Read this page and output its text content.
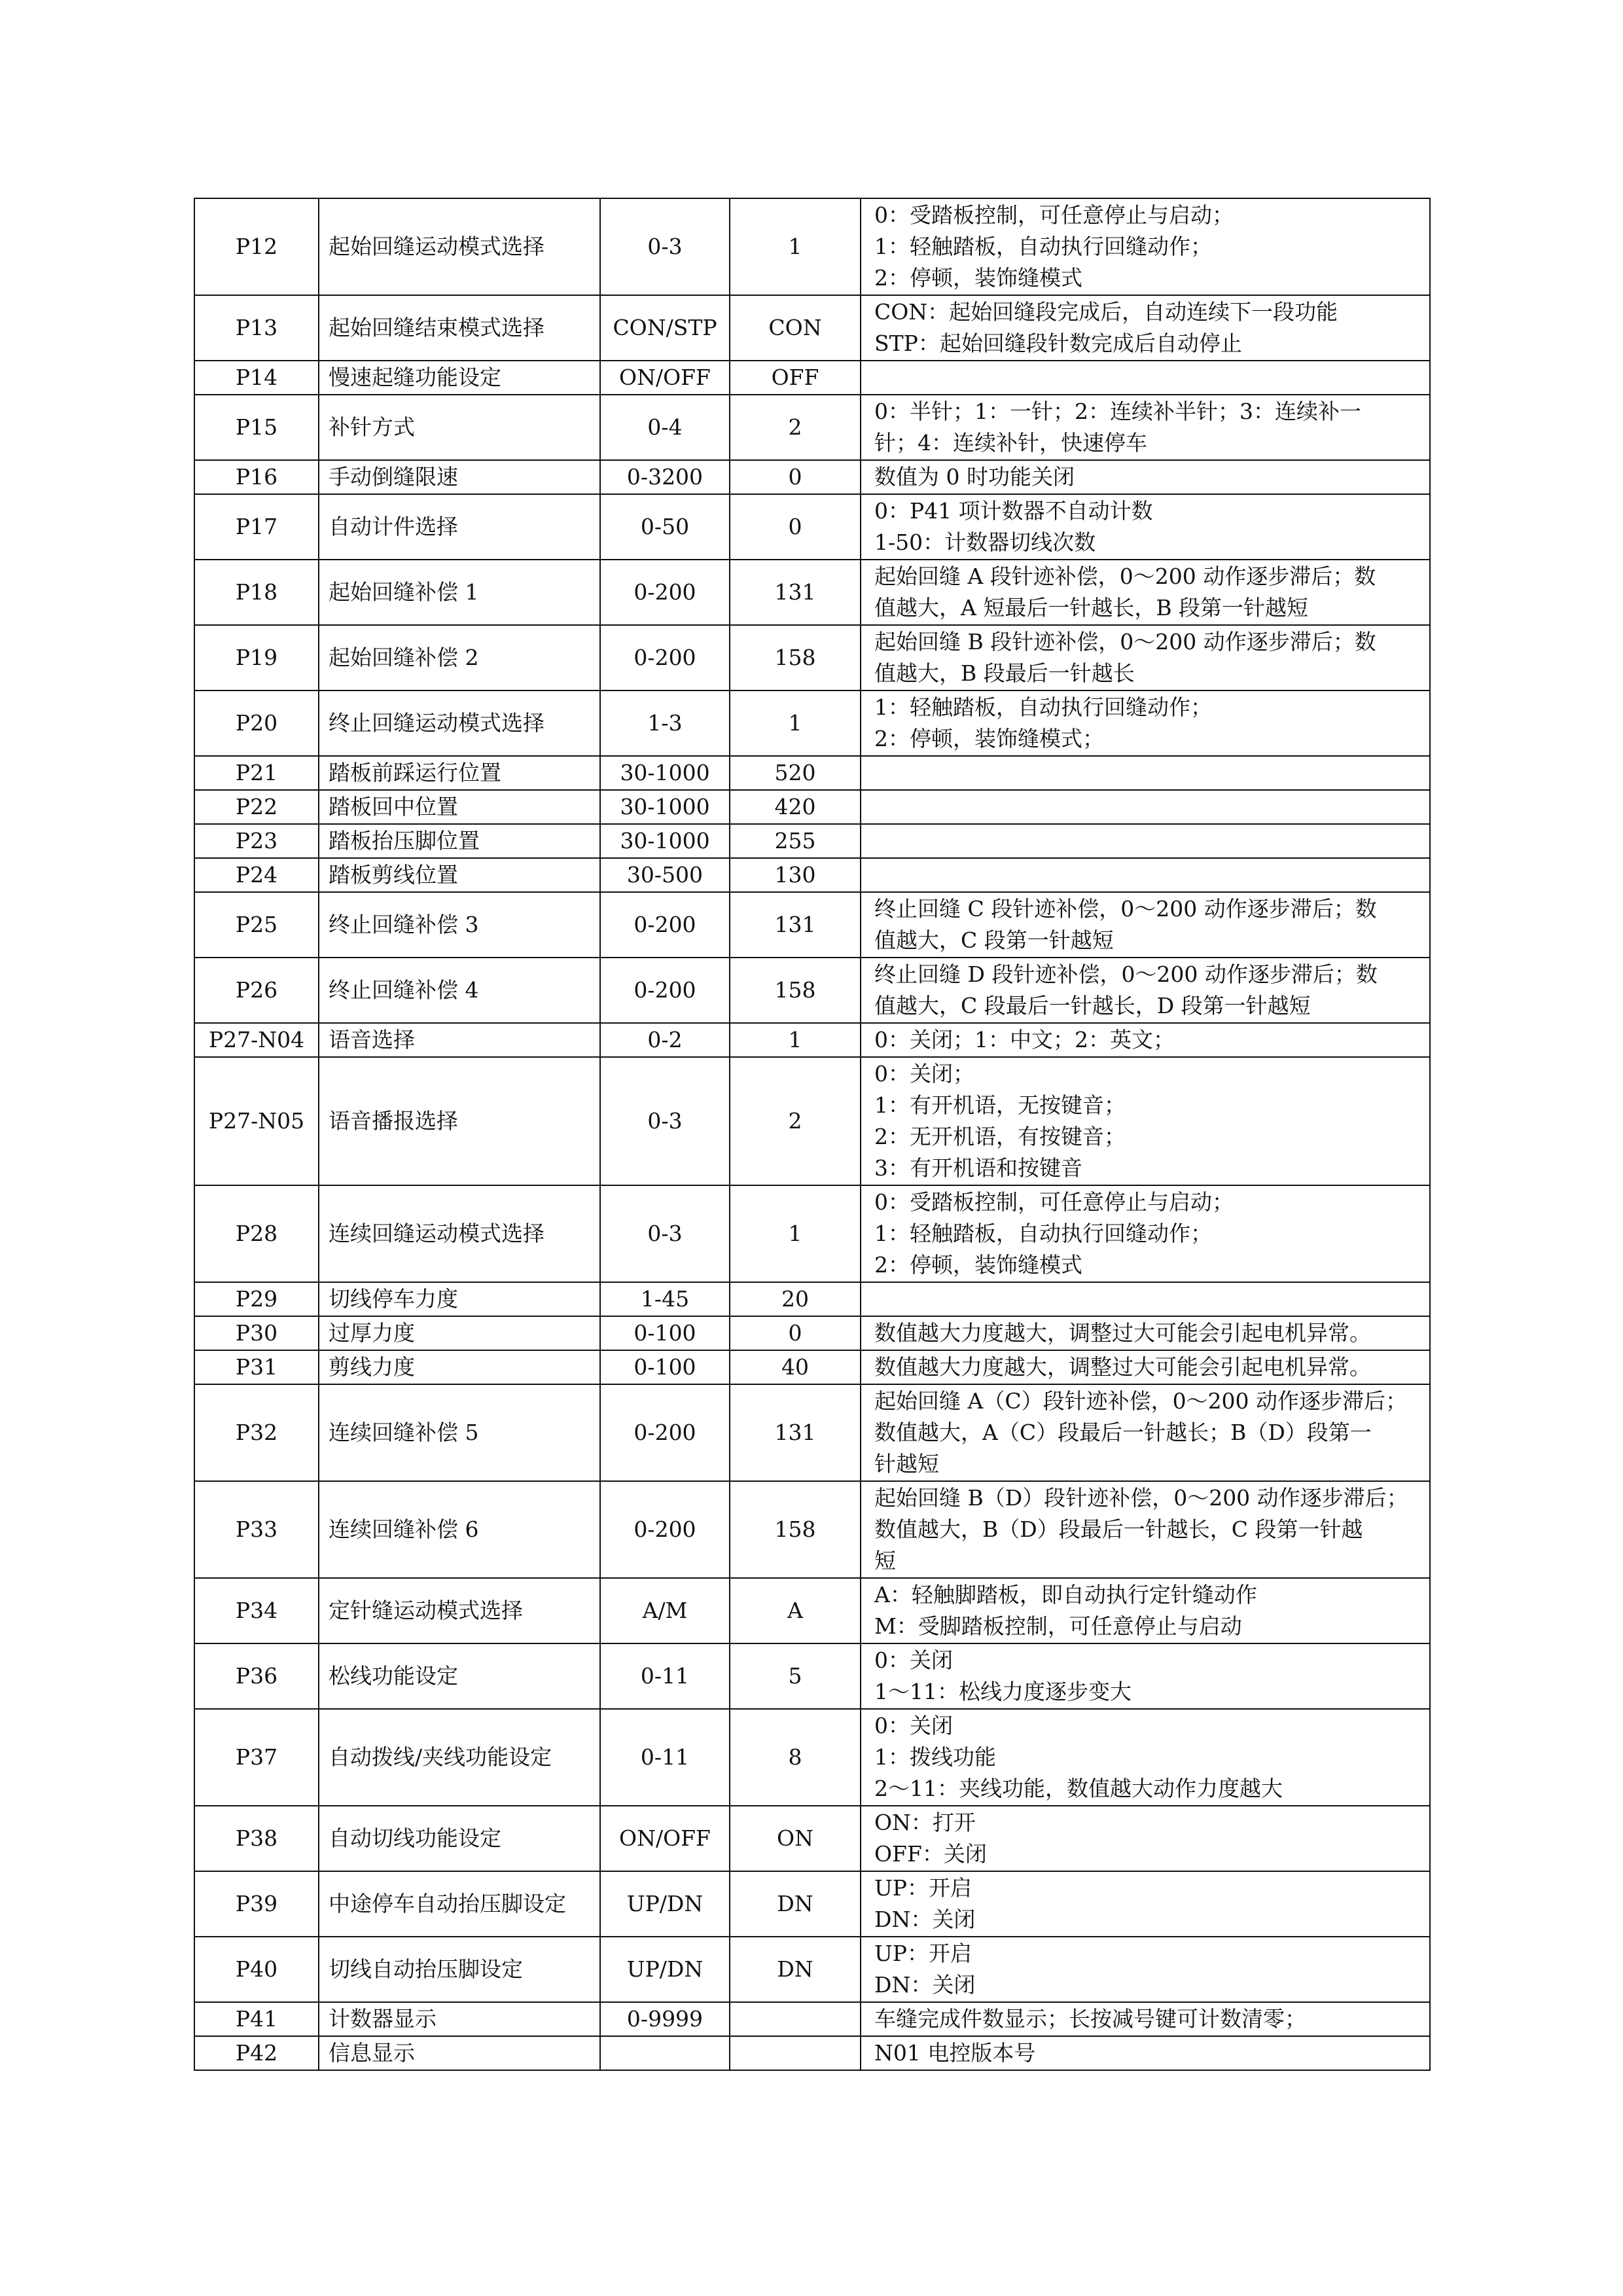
P12	起始回缝运动模式选择	0-3	1	0：受踏板控制，可任意停止与启动；
1：轻触踏板，自动执行回缝动作；
2：停顿，装饰缝模式

P13	起始回缝结束模式选择	CON/STP	CON	CON：起始回缝段完成后，自动连续下一段功能
STP：起始回缝段针数完成后自动停止

P14	慢速起缝功能设定	ON/OFF	OFF	

P15	补针方式	0-4	2	0：半针；1：一针；2：连续补半针；3：连续补一
针；4：连续补针，快速停车

P16	手动倒缝限速	0-3200	0	数值为 0 时功能关闭

P17	自动计件选择	0-50	0	0：P41 项计数器不自动计数
1-50：计数器切线次数

P18	起始回缝补偿 1	0-200	131	起始回缝 A 段针迹补偿，0～200 动作逐步滞后；数
值越大，A 短最后一针越长，B 段第一针越短

P19	起始回缝补偿 2	0-200	158	起始回缝 B 段针迹补偿，0～200 动作逐步滞后；数
值越大，B 段最后一针越长

P20	终止回缝运动模式选择	1-3	1	1：轻触踏板，自动执行回缝动作；
2：停顿，装饰缝模式；

P21	踏板前踩运行位置	30-1000	520	

P22	踏板回中位置	30-1000	420	

P23	踏板抬压脚位置	30-1000	255	

P24	踏板剪线位置	30-500	130	

P25	终止回缝补偿 3	0-200	131	终止回缝 C 段针迹补偿，0～200 动作逐步滞后；数
值越大，C 段第一针越短

P26	终止回缝补偿 4	0-200	158	终止回缝 D 段针迹补偿，0～200 动作逐步滞后；数
值越大，C 段最后一针越长，D 段第一针越短

P27-N04	语音选择	0-2	1	0：关闭；1：中文；2：英文；

P27-N05	语音播报选择	0-3	2	0：关闭；
1：有开机语，无按键音；
2：无开机语，有按键音；
3：有开机语和按键音

P28	连续回缝运动模式选择	0-3	1	0：受踏板控制，可任意停止与启动；
1：轻触踏板，自动执行回缝动作；
2：停顿，装饰缝模式

P29	切线停车力度	1-45	20	

P30	过厚力度	0-100	0	数值越大力度越大，调整过大可能会引起电机异常。

P31	剪线力度	0-100	40	数值越大力度越大，调整过大可能会引起电机异常。

P32	连续回缝补偿 5	0-200	131	起始回缝 A（C）段针迹补偿，0～200 动作逐步滞后；
数值越大，A（C）段最后一针越长；B（D）段第一
针越短

P33	连续回缝补偿 6	0-200	158	起始回缝 B（D）段针迹补偿，0～200 动作逐步滞后；
数值越大，B（D）段最后一针越长，C 段第一针越
短

P34	定针缝运动模式选择	A/M	A	A：轻触脚踏板，即自动执行定针缝动作
M：受脚踏板控制，可任意停止与启动

P36	松线功能设定	0-11	5	0：关闭
1～11：松线力度逐步变大

P37	自动拨线/夹线功能设定	0-11	8	0：关闭
1：拨线功能
2～11：夹线功能，数值越大动作力度越大

P38	自动切线功能设定	ON/OFF	ON	ON：打开
OFF：关闭

P39	中途停车自动抬压脚设定	UP/DN	DN	UP：开启
DN：关闭

P40	切线自动抬压脚设定	UP/DN	DN	UP：开启
DN：关闭

P41	计数器显示	0-9999		车缝完成件数显示；长按减号键可计数清零；

P42	信息显示			N01 电控版本号
